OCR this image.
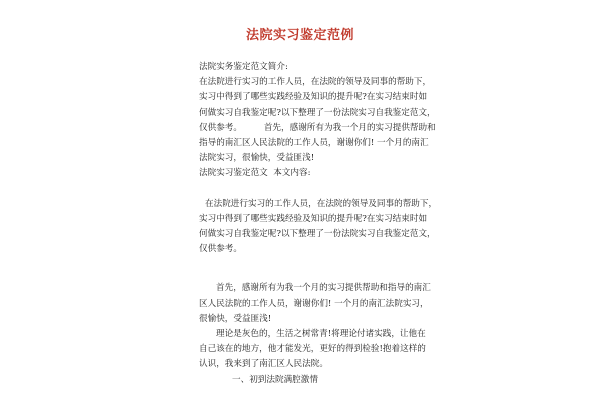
法院实习鉴定范例
法院实务鉴定范文简介:
在法院进行实习的工作人员，在法院的领导及同事的帮助下，
实习中得到了哪些实践经验及知识的提升呢?在实习结束时如
何做实习自我鉴定呢?以下整理了一份法院实习自我鉴定范文，
仅供参考。        首先，感谢所有为我一个月的实习提供帮助和
指导的南汇区人民法院的工作人员，谢谢你们! 一个月的南汇
法院实习，很愉快，受益匪浅!
法院实习鉴定范文  本文内容:
在法院进行实习的工作人员，在法院的领导及同事的帮助下，
实习中得到了哪些实践经验及知识的提升呢?在实习结束时如
何做实习自我鉴定呢?以下整理了一份法院实习自我鉴定范文，
仅供参考。
首先，感谢所有为我一个月的实习提供帮助和指导的南汇
区人民法院的工作人员，谢谢你们! 一个月的南汇法院实习，
很愉快，受益匪浅!
理论是灰色的，生活之树常青!将理论付诸实践，让他在
自己该在的地方，他才能发光，更好的得到检验!抱着这样的
认识，我来到了南汇区人民法院。
一、初到法院满腔激情
